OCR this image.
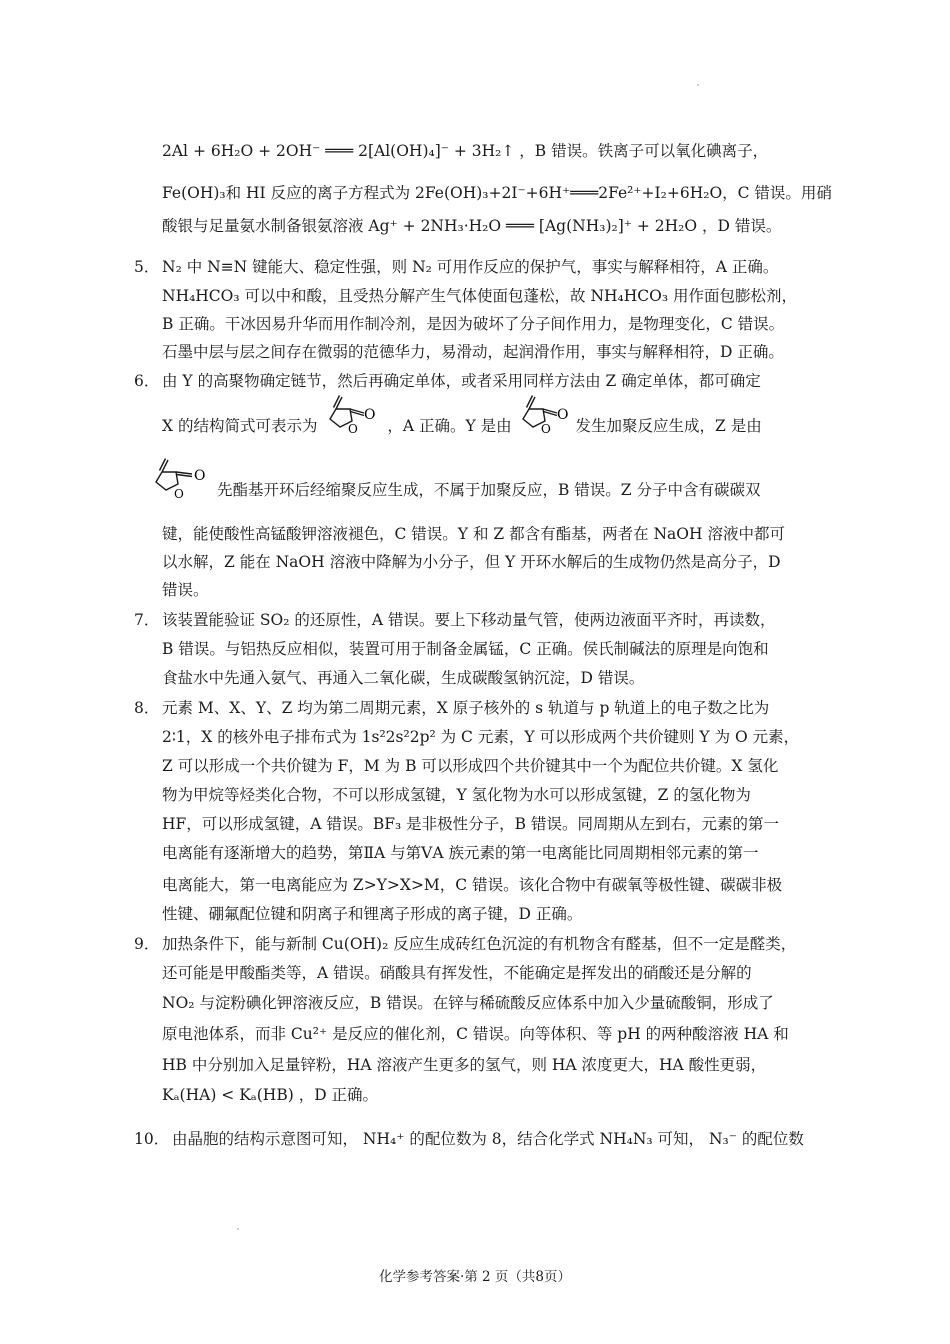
2Al + 6H₂O + 2OH⁻ ═══ 2[Al(OH)₄]⁻ + 3H₂↑ ，B 错误。铁离子可以氧化碘离子，
Fe(OH)₃和 HI 反应的离子方程式为 2Fe(OH)₃+2I⁻+6H⁺═══2Fe²⁺+I₂+6H₂O，C 错误。用硝
酸银与足量氨水制备银氨溶液 Ag⁺ + 2NH₃·H₂O ═══ [Ag(NH₃)₂]⁺ + 2H₂O ，D 错误。
5． N₂ 中 N≡N 键能大、稳定性强，则 N₂ 可用作反应的保护气，事实与解释相符，A 正确。
NH₄HCO₃ 可以中和酸，且受热分解产生气体使面包蓬松，故 NH₄HCO₃ 用作面包膨松剂，
B 正确。干冰因易升华而用作制冷剂，是因为破坏了分子间作用力，是物理变化，C 错误。
石墨中层与层之间存在微弱的范德华力，易滑动，起润滑作用，事实与解释相符，D 正确。
6． 由 Y 的高聚物确定链节，然后再确定单体，或者采用同样方法由 Z 确定单体，都可确定
X 的结构简式可表示为
O
O ，A 正确。Y 是由
O
O 发生加聚反应生成，Z 是由
O
O 先酯基开环后经缩聚反应生成，不属于加聚反应，B 错误。Z 分子中含有碳碳双
键，能使酸性高锰酸钾溶液褪色，C 错误。Y 和 Z 都含有酯基，两者在 NaOH 溶液中都可
以水解，Z 能在 NaOH 溶液中降解为小分子，但 Y 开环水解后的生成物仍然是高分子，D
错误。
7． 该装置能验证 SO₂ 的还原性，A 错误。要上下移动量气管，使两边液面平齐时，再读数，
B 错误。与铝热反应相似，装置可用于制备金属锰，C 正确。侯氏制碱法的原理是向饱和
食盐水中先通入氨气、再通入二氧化碳，生成碳酸氢钠沉淀，D 错误。
8． 元素 M、X、Y、Z 均为第二周期元素，X 原子核外的 s 轨道与 p 轨道上的电子数之比为
2∶1，X 的核外电子排布式为 1s²2s²2p² 为 C 元素，Y 可以形成两个共价键则 Y 为 O 元素，
Z 可以形成一个共价键为 F，M 为 B 可以形成四个共价键其中一个为配位共价键。X 氢化
物为甲烷等烃类化合物，不可以形成氢键，Y 氢化物为水可以形成氢键，Z 的氢化物为
HF，可以形成氢键，A 错误。BF₃ 是非极性分子，B 错误。同周期从左到右，元素的第一
电离能有逐渐增大的趋势，第ⅡA 与第ⅤA 族元素的第一电离能比同周期相邻元素的第一
电离能大，第一电离能应为 Z>Y>X>M，C 错误。该化合物中有碳氧等极性键、碳碳非极
性键、硼氟配位键和阴离子和锂离子形成的离子键，D 正确。
9． 加热条件下，能与新制 Cu(OH)₂ 反应生成砖红色沉淀的有机物含有醛基，但不一定是醛类，
还可能是甲酸酯类等，A 错误。硝酸具有挥发性，不能确定是挥发出的硝酸还是分解的
NO₂ 与淀粉碘化钾溶液反应，B 错误。在锌与稀硫酸反应体系中加入少量硫酸铜，形成了
原电池体系，而非 Cu²⁺ 是反应的催化剂，C 错误。向等体积、等 pH 的两种酸溶液 HA 和
HB 中分别加入足量锌粉，HA 溶液产生更多的氢气，则 HA 浓度更大，HA 酸性更弱，
Kₐ(HA) < Kₐ(HB) ，D 正确。
10． 由晶胞的结构示意图可知， NH₄⁺ 的配位数为 8，结合化学式 NH₄N₃ 可知， N₃⁻ 的配位数
化学参考答案·第 2 页（共8页）
